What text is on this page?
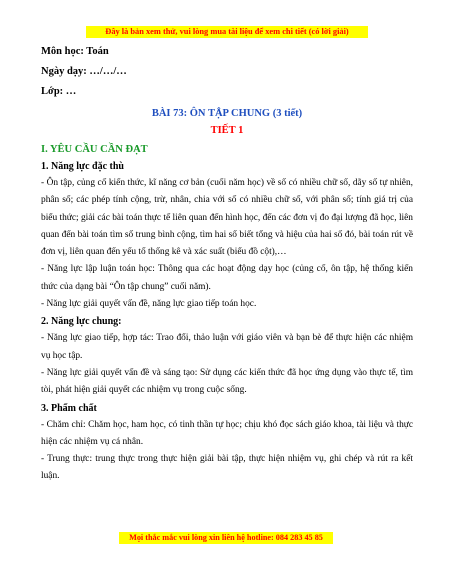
Đây là bản xem thử, vui lòng mua tài liệu để xem chi tiết (có lời giải)
Môn học: Toán
Ngày dạy: …/…/…
Lớp: …
BÀI 73: ÔN TẬP CHUNG (3 tiết)
TIẾT 1
I. YÊU CẦU CẦN ĐẠT
1. Năng lực đặc thù

- Ôn tập, củng cố kiến thức, kĩ năng cơ bản (cuối năm học) về số có nhiều chữ số, dãy số tự nhiên, phân số; các phép tính cộng, trừ, nhân, chia với số có nhiều chữ số, với phân số; tính giá trị của biểu thức; giải các bài toán thực tế liên quan đến hình học, đến các đơn vị đo đại lượng đã học, liên quan đến bài toán tìm số trung bình cộng, tìm hai số biết tổng và hiệu của hai số đó, bài toán rút về đơn vị, liên quan đến yếu tố thống kê và xác suất (biểu đồ cột),…

- Năng lực lập luận toán học: Thông qua các hoạt động dạy học (củng cố, ôn tập, hệ thống kiến thức của dạng bài “Ôn tập chung” cuối năm).

- Năng lực giải quyết vấn đề, năng lực giao tiếp toán học.

2. Năng lực chung:

- Năng lực giao tiếp, hợp tác: Trao đổi, thảo luận với giáo viên và bạn bè để thực hiện các nhiệm vụ học tập.

- Năng lực giải quyết vấn đề và sáng tạo: Sử dụng các kiến thức đã học ứng dụng vào thực tế, tìm tòi, phát hiện giải quyết các nhiệm vụ trong cuộc sống.

3. Phẩm chất

- Chăm chỉ: Chăm học, ham học, có tinh thần tự học; chịu khó đọc sách giáo khoa, tài liệu và thực hiện các nhiệm vụ cá nhân.

- Trung thực: trung thực trong thực hiện giải bài tập, thực hiện nhiệm vụ, ghi chép và rút ra kết luận.

Mọi thắc mắc vui lòng xin liên hệ hotline: 084 283 45 85
